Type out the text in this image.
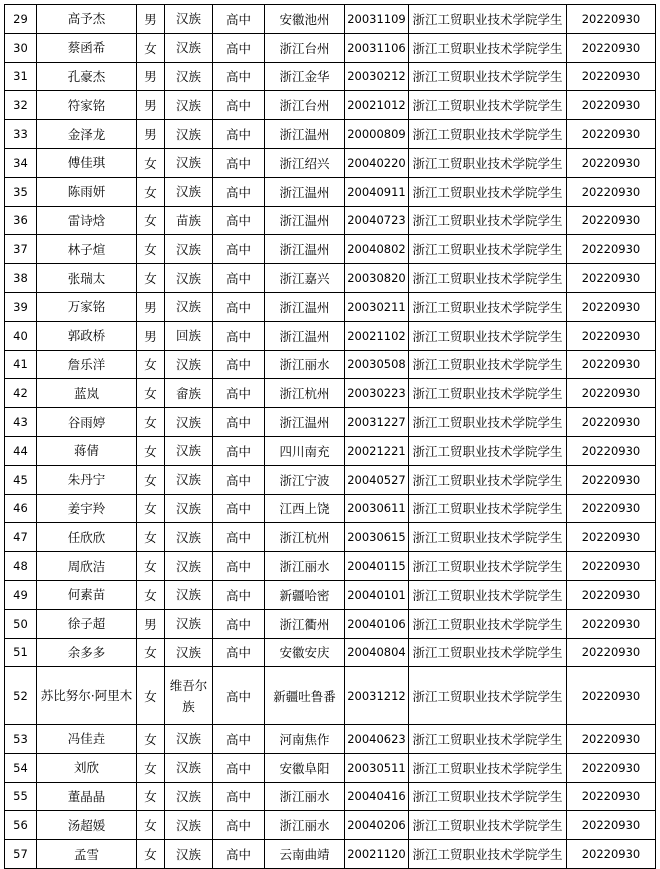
29	高予杰	男	汉族	高中	安徽池州	20031109	浙江工贸职业技术学院学生	20220930
30	蔡函希	女	汉族	高中	浙江台州	20031106	浙江工贸职业技术学院学生	20220930
31	孔豪杰	男	汉族	高中	浙江金华	20030212	浙江工贸职业技术学院学生	20220930
32	符家铭	男	汉族	高中	浙江台州	20021012	浙江工贸职业技术学院学生	20220930
33	金泽龙	男	汉族	高中	浙江温州	20000809	浙江工贸职业技术学院学生	20220930
34	傅佳琪	女	汉族	高中	浙江绍兴	20040220	浙江工贸职业技术学院学生	20220930
35	陈雨妍	女	汉族	高中	浙江温州	20040911	浙江工贸职业技术学院学生	20220930
36	雷诗焓	女	苗族	高中	浙江温州	20040723	浙江工贸职业技术学院学生	20220930
37	林子煊	女	汉族	高中	浙江温州	20040802	浙江工贸职业技术学院学生	20220930
38	张瑞太	女	汉族	高中	浙江嘉兴	20030820	浙江工贸职业技术学院学生	20220930
39	万家铭	男	汉族	高中	浙江温州	20030211	浙江工贸职业技术学院学生	20220930
40	郭政桥	男	回族	高中	浙江温州	20021102	浙江工贸职业技术学院学生	20220930
41	詹乐洋	女	汉族	高中	浙江丽水	20030508	浙江工贸职业技术学院学生	20220930
42	蓝岚	女	畲族	高中	浙江杭州	20030223	浙江工贸职业技术学院学生	20220930
43	谷雨婷	女	汉族	高中	浙江温州	20031227	浙江工贸职业技术学院学生	20220930
44	蒋倩	女	汉族	高中	四川南充	20021221	浙江工贸职业技术学院学生	20220930
45	朱丹宁	女	汉族	高中	浙江宁波	20040527	浙江工贸职业技术学院学生	20220930
46	姜宇羚	女	汉族	高中	江西上饶	20030611	浙江工贸职业技术学院学生	20220930
47	任欣欣	女	汉族	高中	浙江杭州	20030615	浙江工贸职业技术学院学生	20220930
48	周欣洁	女	汉族	高中	浙江丽水	20040115	浙江工贸职业技术学院学生	20220930
49	何素苗	女	汉族	高中	新疆哈密	20040101	浙江工贸职业技术学院学生	20220930
50	徐子超	男	汉族	高中	浙江衢州	20040106	浙江工贸职业技术学院学生	20220930
51	余多多	女	汉族	高中	安徽安庆	20040804	浙江工贸职业技术学院学生	20220930
52	苏比努尔·阿里木	女	维吾尔族	高中	新疆吐鲁番	20031212	浙江工贸职业技术学院学生	20220930
53	冯佳垚	女	汉族	高中	河南焦作	20040623	浙江工贸职业技术学院学生	20220930
54	刘欣	女	汉族	高中	安徽阜阳	20030511	浙江工贸职业技术学院学生	20220930
55	董晶晶	女	汉族	高中	浙江丽水	20040416	浙江工贸职业技术学院学生	20220930
56	汤超媛	女	汉族	高中	浙江丽水	20040206	浙江工贸职业技术学院学生	20220930
57	孟雪	女	汉族	高中	云南曲靖	20021120	浙江工贸职业技术学院学生	20220930
